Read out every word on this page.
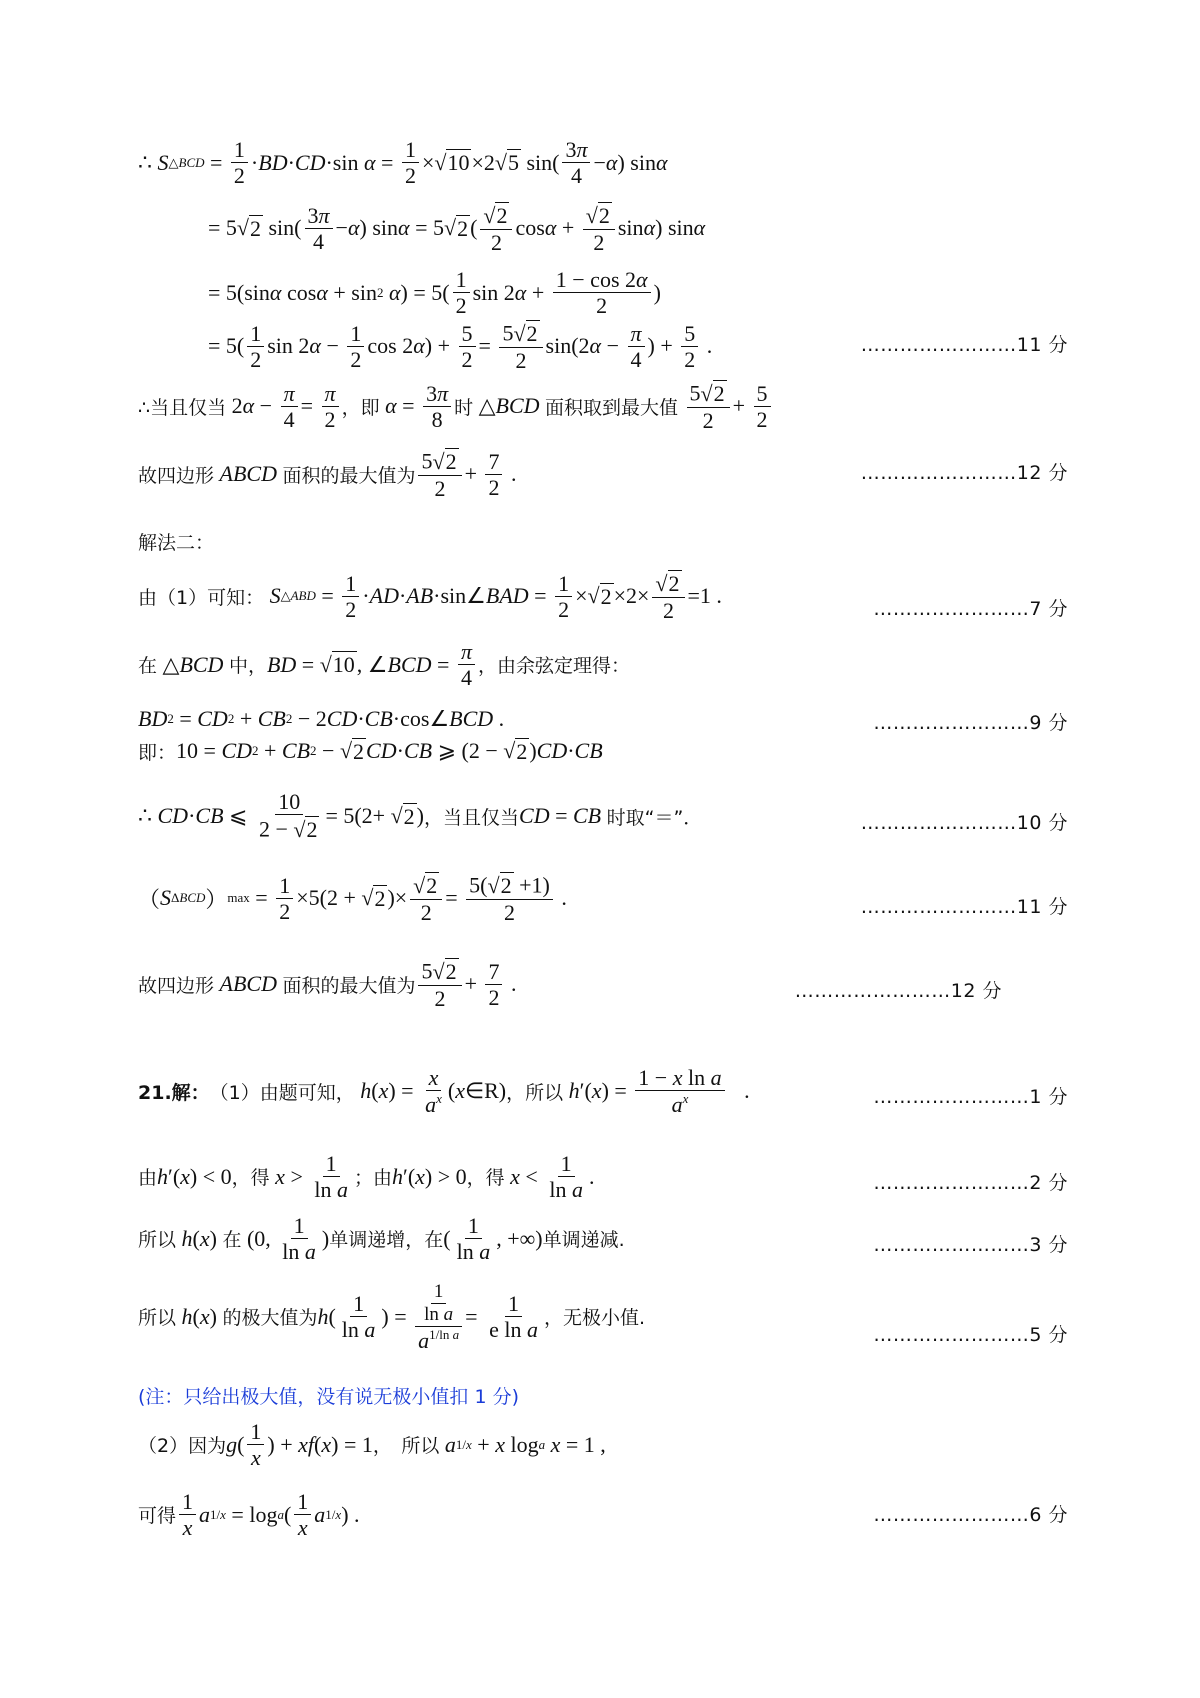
∴
S △BCD = $\frac{1}{2}$ · BD · CD ·sin $\alpha = \frac{1}{2}$ × √ 10 ×2 √ 5 $\sin( \frac{3\pi}{4} - \alpha$ ) sin α
= 5 √ 2 $\sin( \frac{3\pi}{4} - \alpha$ ) sin α = 5 √ 2 ( $\frac{√ 2}{2}$ $\cos \alpha + \frac{√ 2}{2}$ sin α ) sin α
= 5(sin α cos α + sin 2
α ) = $5( \frac{1}{2}$ sin 2 $\alpha + \frac{1 - \cos 2\alpha}{2}$ )
= $5( \frac{1}{2}$ sin 2 $\alpha - \frac{1}{2}$ cos 2 α ) + $\frac{5}{2} = \frac{5√ 2}{2} \sin(2$ $\alpha - \frac{\pi}{4}$ ) + $\frac{5}{2}$ .	……………………11 分
∴当且仅当 2 $\alpha - \frac{\pi}{4} = \frac{\pi}{2}$ ，即
$\alpha = \frac{3\pi}{8}$ 时 △ BCD
面积取到最大值
$\frac{5√ 2}{2} + \frac{5}{2}$
故四边形
ABCD
面积的最大值为 $\frac{5√ 2}{2} + \frac{7}{2}$ .	……………………12 分
解法二：
由（1）可知：
S △ABD = $\frac{1}{2}$ · AD · AB ·sin∠ BAD = $\frac{1}{2}$ × √ $2 \times 2\times \frac{√ 2}{2} =1$ .
……………………7 分
在 △ BCD
中， BD = √ 10 , ∠ BCD = $\frac{\pi}{4}$ ，由余弦定理得：
BD 2 = CD 2 + CB 2 − 2 CD · CB ·cos∠ BCD .	……………………9 分
即： 10 = CD 2 + CB 2 − √ 2 CD · CB ⩾ (2 − √ 2 ) CD · CB
∴ CD · CB ⩽ $\frac{10}{2 - √ 2} = 5(2+$ √ 2 ) ，当且仅当 CD = CB
时取“＝”．	……………………10 分
（ S ΔBCD ） $\max = \frac{1}{2} \times 5(2$ + √ 2 )× $\frac{√ 2}{2} = \frac{5(√ 2 +1)}{2}$ .	……………………11 分
故四边形
ABCD
面积的最大值为 $\frac{5√ 2}{2} + \frac{7}{2}$ .	……………………12 分
21.解： （1）由题可知，
h ( x ) = $\frac{x}{a^x}$ ( x ∈R) ，所以
h ′( x ) = $\frac{\text{1 − x ln a}}{a^x}$ .	……………………1 分
由 h ′( x ) < 0 ，得
$x > \frac{1}{\text{ln a}}$ ；由 h ′( x ) > 0 ，得
$x < \frac{1}{\text{ln a}}$ .	……………………2 分
所以
h ( x ) 在 (0, $\frac{1}{\text{ln a}}$ ) 单调递增，在 ( $\frac{1}{\text{ln a}}$ , +∞) 单调递减.	……………………3 分
所以
h ( x ) 的极大值为 h ( $\frac{1}{\text{ln a}}$ ) = $\frac{\frac{1}{\text{ln a}}}{a^{1/ln a}} = \frac{1}{\text{e ln a}}$ ，无极小值.
……………………5 分
(注：只给出极大值，没有说无极小值扣 1 分)
（2）因为 g ( $\frac{1}{x}$ ) + x f ( x ) = 1 ，　所以
a 1/x + x log a
x = 1 ,
可得 $\frac{1}{x}$ a 1/x = log a ( $\frac{1}{x}$ a 1/x ) .	……………………6 分
